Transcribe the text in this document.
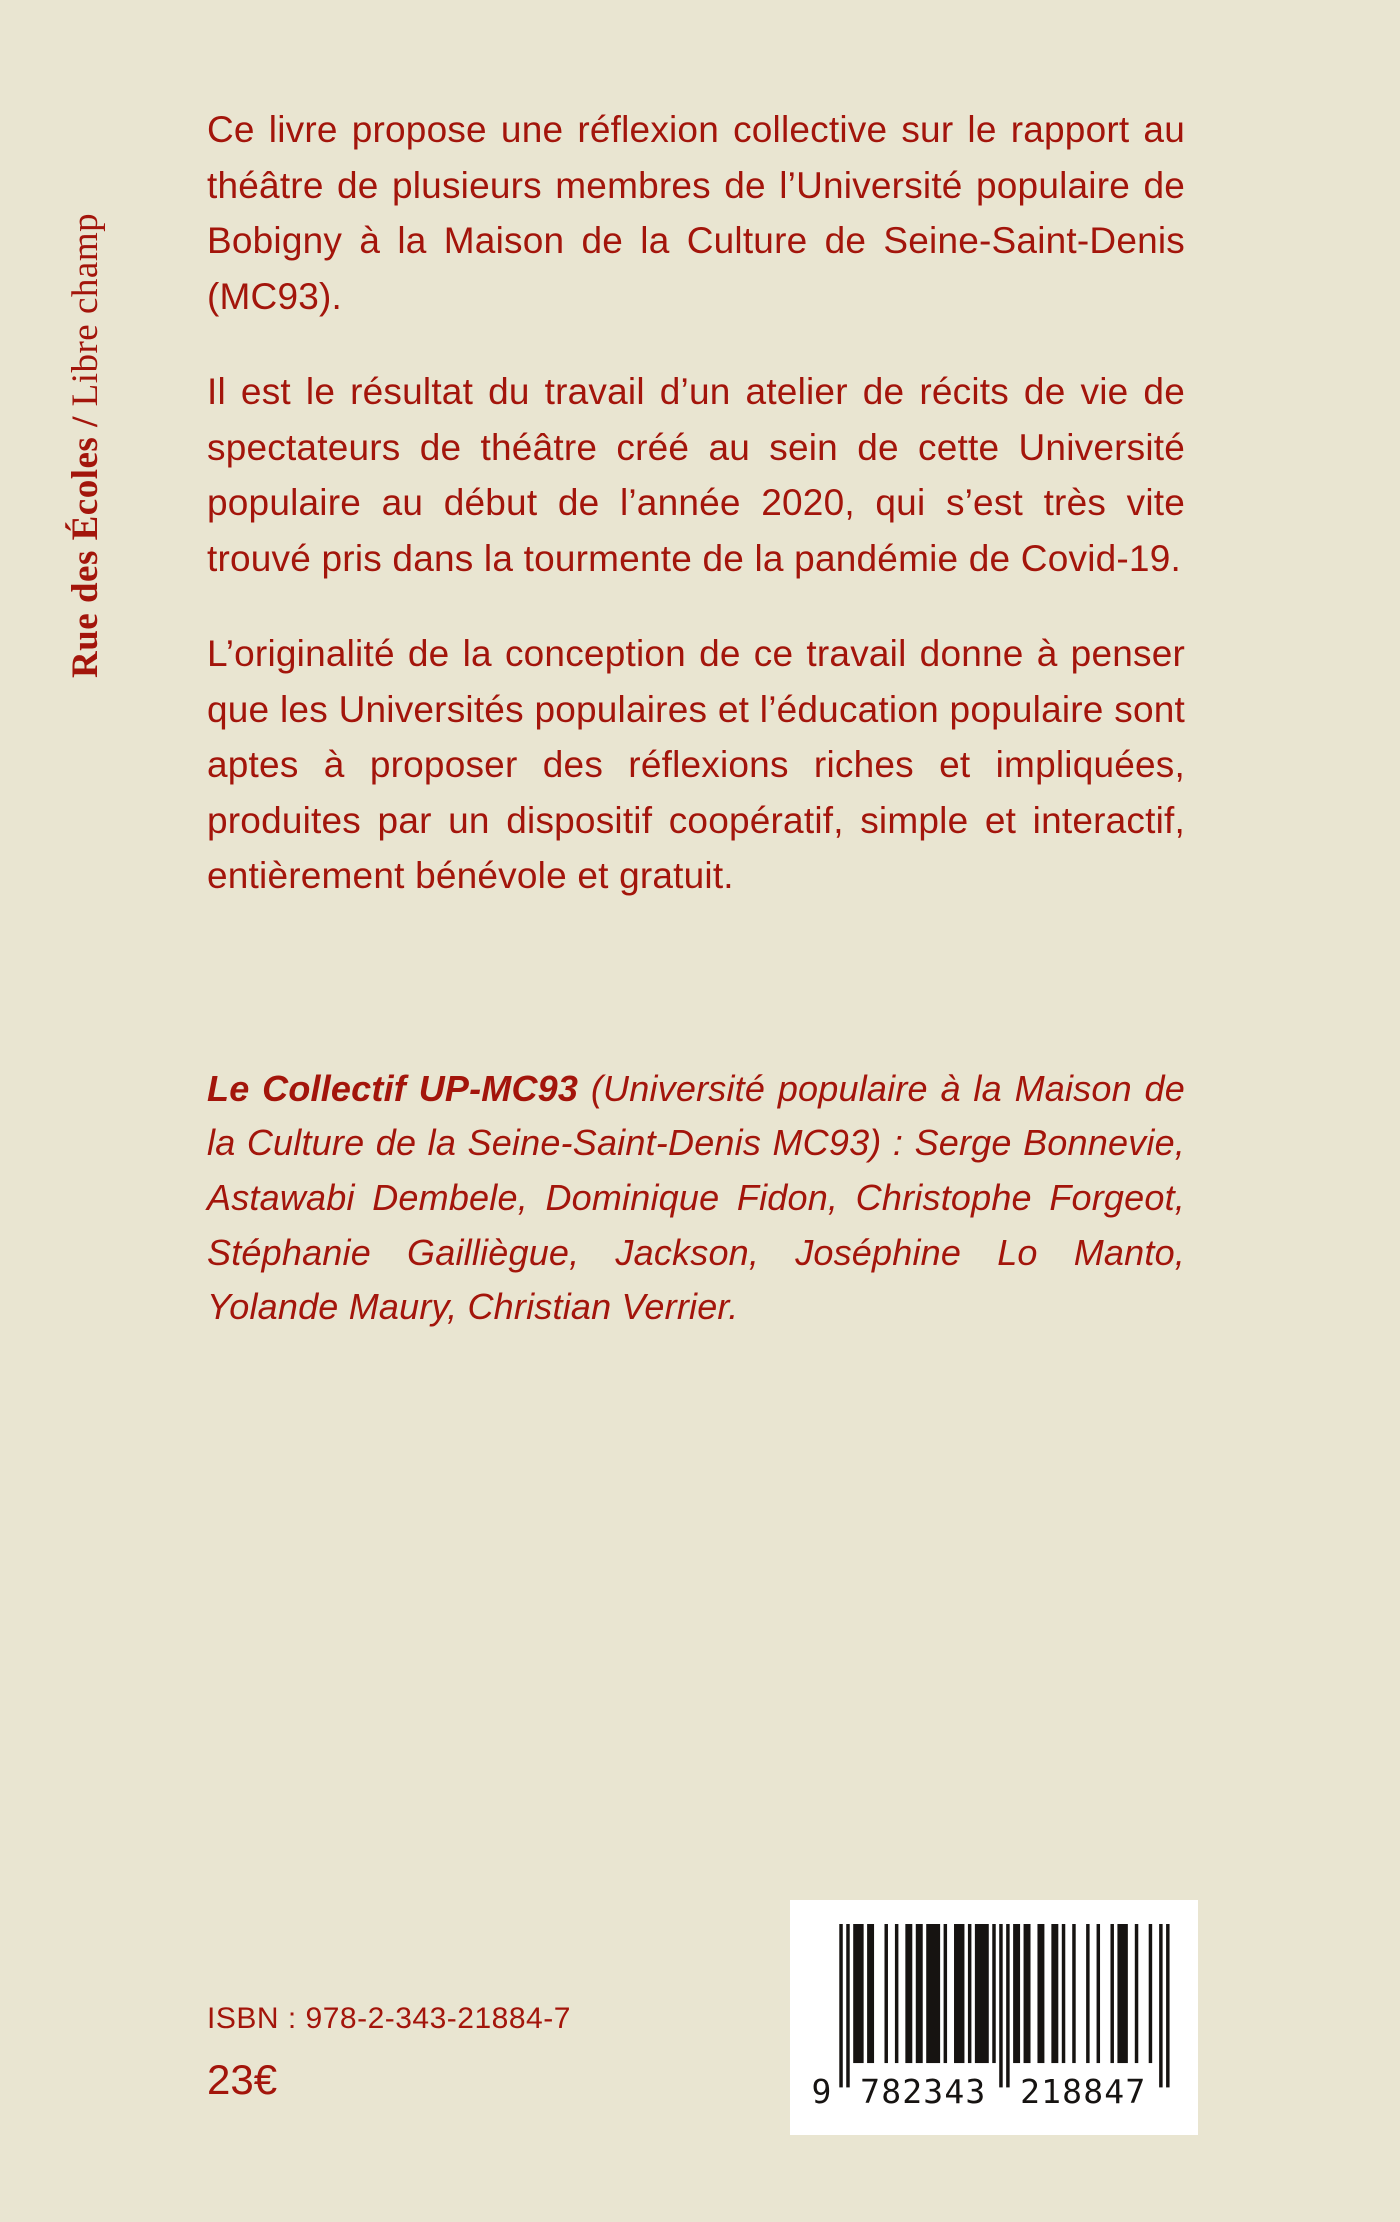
Rue des Écoles / Libre champ

Ce livre propose une réflexion collective sur le rapport au théâtre de plusieurs membres de l’Université populaire de Bobigny à la Maison de la Culture de Seine-Saint-Denis (MC93).

Il est le résultat du travail d’un atelier de récits de vie de spectateurs de théâtre créé au sein de cette Université populaire au début de l’année 2020, qui s’est très vite trouvé pris dans la tourmente de la pandémie de Covid-19.

L’originalité de la conception de ce travail donne à penser que les Universités populaires et l’éducation populaire sont aptes à proposer des réflexions riches et impliquées, produites par un dispositif coopératif, simple et interactif, entièrement bénévole et gratuit.

Le Collectif UP-MC93 (Université populaire à la Maison de la Culture de la Seine-Saint-Denis MC93) : Serge Bonnevie, Astawabi Dembele, Dominique Fidon, Christophe Forgeot, Stéphanie Gailliègue, Jackson, Joséphine Lo Manto, Yolande Maury, Christian Verrier.

ISBN : 978-2-343-21884-7
23€	9	782343	218847
